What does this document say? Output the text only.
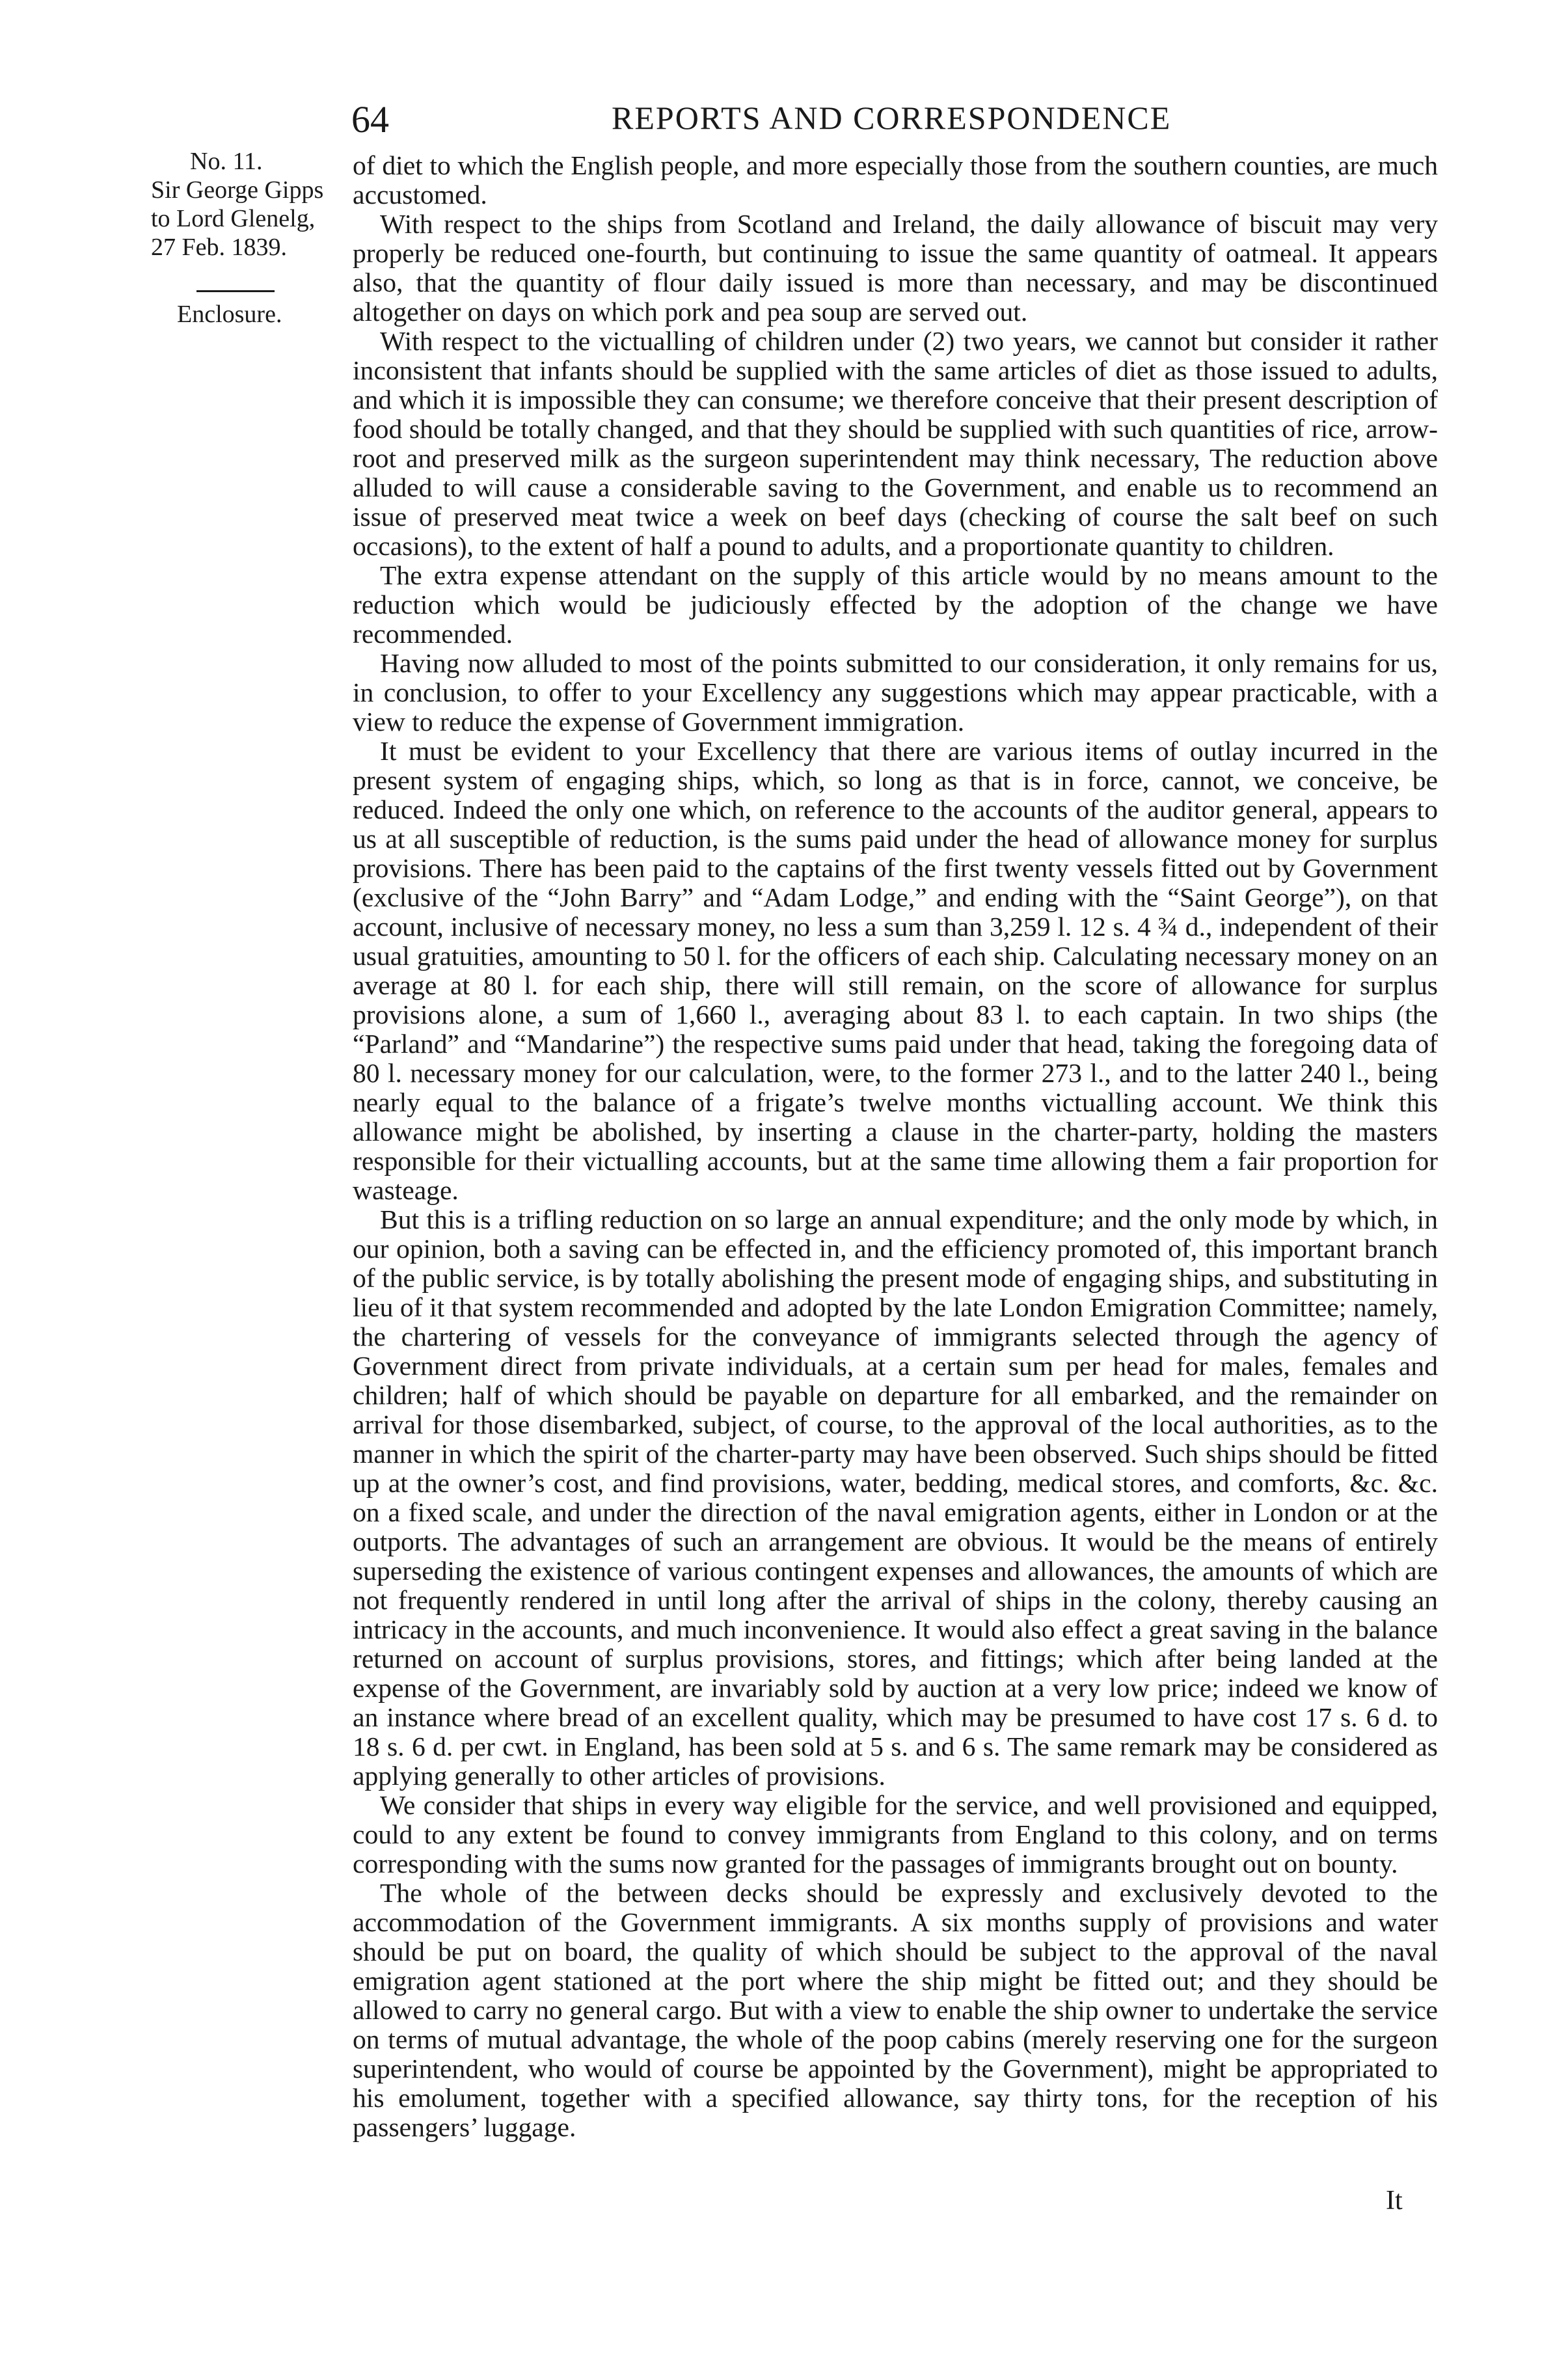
64	REPORTS AND CORRESPONDENCE
No. 11.
Sir George Gipps
to Lord Glenelg,
27 Feb. 1839.
Enclosure.

of diet to which the English people, and more especially those from the southern counties, are much accustomed.

With respect to the ships from Scotland and Ireland, the daily allowance of biscuit may very properly be reduced one-fourth, but continuing to issue the same quantity of oatmeal. It appears also, that the quantity of flour daily issued is more than necessary, and may be discontinued altogether on days on which pork and pea soup are served out.

With respect to the victualling of children under (2) two years, we cannot but consider it rather inconsistent that infants should be supplied with the same articles of diet as those issued to adults, and which it is impossible they can consume; we therefore conceive that their present description of food should be totally changed, and that they should be supplied with such quantities of rice, arrow-root and preserved milk as the surgeon superintendent may think necessary, The reduction above alluded to will cause a considerable saving to the Government, and enable us to recommend an issue of preserved meat twice a week on beef days (checking of course the salt beef on such occasions), to the extent of half a pound to adults, and a proportionate quantity to children.

The extra expense attendant on the supply of this article would by no means amount to the reduction which would be judiciously effected by the adoption of the change we have recommended.

Having now alluded to most of the points submitted to our consideration, it only remains for us, in conclusion, to offer to your Excellency any suggestions which may appear practicable, with a view to reduce the expense of Government immigration.

It must be evident to your Excellency that there are various items of outlay incurred in the present system of engaging ships, which, so long as that is in force, cannot, we conceive, be reduced. Indeed the only one which, on reference to the accounts of the auditor general, appears to us at all susceptible of reduction, is the sums paid under the head of allowance money for surplus provisions. There has been paid to the captains of the first twenty vessels fitted out by Government (exclusive of the “John Barry” and “Adam Lodge,” and ending with the “Saint George”), on that account, inclusive of necessary money, no less a sum than 3,259 l. 12 s. 4 ¾ d., independent of their usual gratuities, amounting to 50 l. for the officers of each ship. Calculating necessary money on an average at 80 l. for each ship, there will still remain, on the score of allowance for surplus provisions alone, a sum of 1,660 l., averaging about 83 l. to each captain. In two ships (the “Parland” and “Mandarine”) the respective sums paid under that head, taking the foregoing data of 80 l. necessary money for our calculation, were, to the former 273 l., and to the latter 240 l., being nearly equal to the balance of a frigate’s twelve months victualling account. We think this allowance might be abolished, by inserting a clause in the charter-party, holding the masters responsible for their victualling accounts, but at the same time allowing them a fair proportion for wasteage.

But this is a trifling reduction on so large an annual expenditure; and the only mode by which, in our opinion, both a saving can be effected in, and the efficiency promoted of, this important branch of the public service, is by totally abolishing the present mode of engaging ships, and substituting in lieu of it that system recommended and adopted by the late London Emigration Committee; namely, the chartering of vessels for the conveyance of immigrants selected through the agency of Government direct from private individuals, at a certain sum per head for males, females and children; half of which should be payable on departure for all embarked, and the remainder on arrival for those disembarked, subject, of course, to the approval of the local authorities, as to the manner in which the spirit of the charter-party may have been observed. Such ships should be fitted up at the owner’s cost, and find provisions, water, bedding, medical stores, and comforts, &c. &c. on a fixed scale, and under the direction of the naval emigration agents, either in London or at the outports. The advantages of such an arrangement are obvious. It would be the means of entirely superseding the existence of various contingent expenses and allowances, the amounts of which are not frequently rendered in until long after the arrival of ships in the colony, thereby causing an intricacy in the accounts, and much inconvenience. It would also effect a great saving in the balance returned on account of surplus provisions, stores, and fittings; which after being landed at the expense of the Government, are invariably sold by auction at a very low price; indeed we know of an instance where bread of an excellent quality, which may be presumed to have cost 17 s. 6 d. to 18 s. 6 d. per cwt. in England, has been sold at 5 s. and 6 s. The same remark may be considered as applying generally to other articles of provisions.

We consider that ships in every way eligible for the service, and well provisioned and equipped, could to any extent be found to convey immigrants from England to this colony, and on terms corresponding with the sums now granted for the passages of immigrants brought out on bounty.

The whole of the between decks should be expressly and exclusively devoted to the accommodation of the Government immigrants. A six months supply of provisions and water should be put on board, the quality of which should be subject to the approval of the naval emigration agent stationed at the port where the ship might be fitted out; and they should be allowed to carry no general cargo. But with a view to enable the ship owner to undertake the service on terms of mutual advantage, the whole of the poop cabins (merely reserving one for the surgeon superintendent, who would of course be appointed by the Government), might be appropriated to his emolument, together with a specified allowance, say thirty tons, for the reception of his passengers’ luggage.

It
